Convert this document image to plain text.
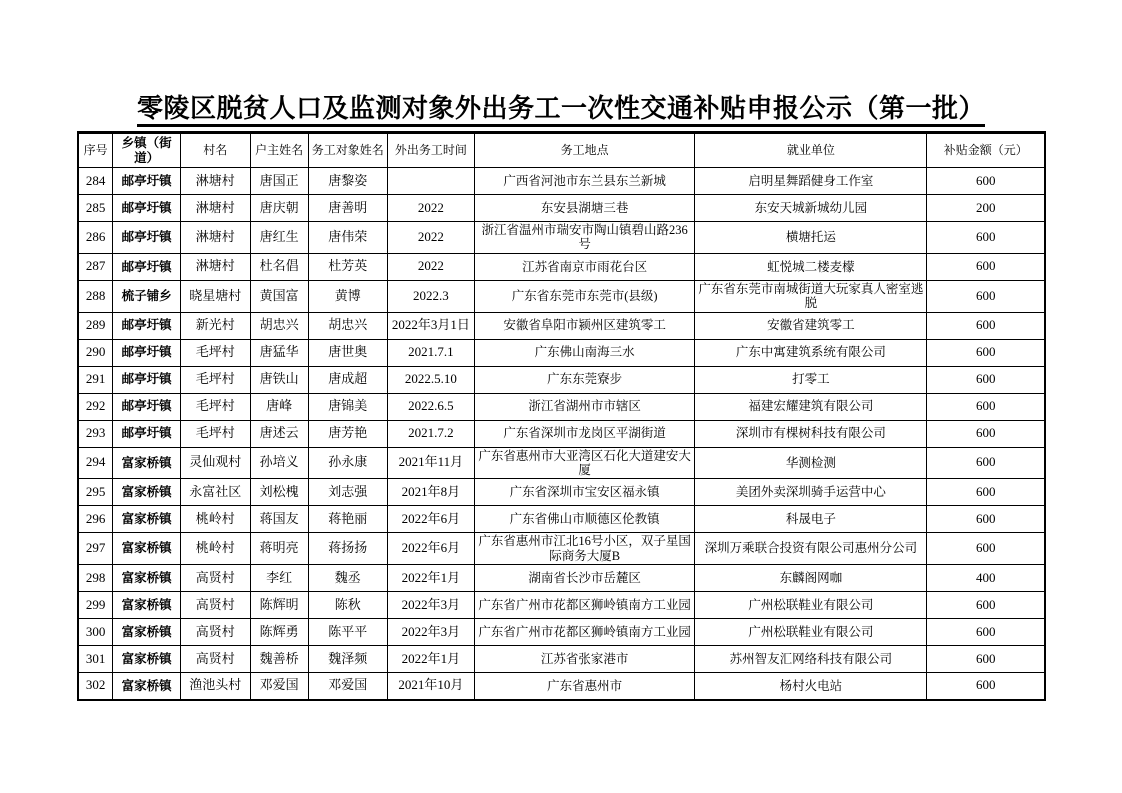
零陵区脱贫人口及监测对象外出务工一次性交通补贴申报公示（第一批）
序号	乡镇（街道）	村名	户主姓名	务工对象姓名	外出务工时间	务工地点	就业单位	补贴金额（元）
284	邮亭圩镇	淋塘村	唐国正	唐黎姿		广西省河池市东兰县东兰新城	启明星舞蹈健身工作室	600
285	邮亭圩镇	淋塘村	唐庆朝	唐善明	2022	东安县湖塘三巷	东安天城新城幼儿园	200
286	邮亭圩镇	淋塘村	唐红生	唐伟荣	2022	浙江省温州市瑞安市陶山镇碧山路236号	横塘托运	600
287	邮亭圩镇	淋塘村	杜名倡	杜芳英	2022	江苏省南京市雨花台区	虹悦城二楼麦檬	600
288	梳子铺乡	晓星塘村	黄国富	黄博	2022.3	广东省东莞市东莞市(县级)	广东省东莞市南城街道大玩家真人密室逃脱	600
289	邮亭圩镇	新光村	胡忠兴	胡忠兴	2022年3月1日	安徽省阜阳市颍州区建筑零工	安徽省建筑零工	600
290	邮亭圩镇	毛坪村	唐猛华	唐世奥	2021.7.1	广东佛山南海三水	广东中寓建筑系统有限公司	600
291	邮亭圩镇	毛坪村	唐铁山	唐成超	2022.5.10	广东东莞寮步	打零工	600
292	邮亭圩镇	毛坪村	唐峰	唐锦美	2022.6.5	浙江省湖州市市辖区	福建宏耀建筑有限公司	600
293	邮亭圩镇	毛坪村	唐述云	唐芳艳	2021.7.2	广东省深圳市龙岗区平湖街道	深圳市有棵树科技有限公司	600
294	富家桥镇	灵仙观村	孙培义	孙永康	2021年11月	广东省惠州市大亚湾区石化大道建安大厦	华测检测	600
295	富家桥镇	永富社区	刘松槐	刘志强	2021年8月	广东省深圳市宝安区福永镇	美团外卖深圳骑手运营中心	600
296	富家桥镇	桃岭村	蒋国友	蒋艳丽	2022年6月	广东省佛山市顺德区伦教镇	科晟电子	600
297	富家桥镇	桃岭村	蒋明亮	蒋扬扬	2022年6月	广东省惠州市江北16号小区，双子星国际商务大厦B	深圳万乘联合投资有限公司惠州分公司	600
298	富家桥镇	高贤村	李红	魏丞	2022年1月	湖南省长沙市岳麓区	东麟阁网咖	400
299	富家桥镇	高贤村	陈辉明	陈秋	2022年3月	广东省广州市花都区狮岭镇南方工业园	广州松联鞋业有限公司	600
300	富家桥镇	高贤村	陈辉勇	陈平平	2022年3月	广东省广州市花都区狮岭镇南方工业园	广州松联鞋业有限公司	600
301	富家桥镇	高贤村	魏善桥	魏泽频	2022年1月	江苏省张家港市	苏州智友汇网络科技有限公司	600
302	富家桥镇	渔池头村	邓爱国	邓爱国	2021年10月	广东省惠州市	杨村火电站	600
